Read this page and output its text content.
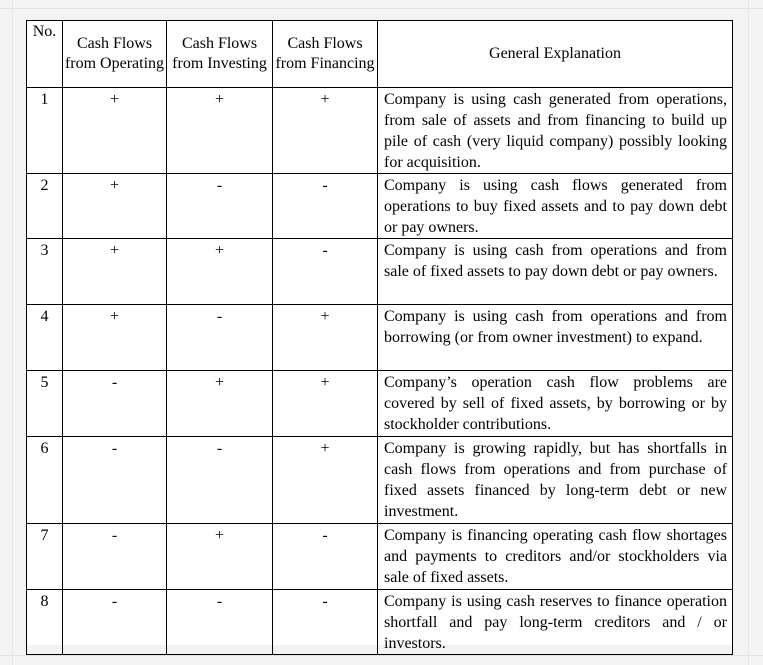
No.	Cash Flows from Operating	Cash Flows from Investing	Cash Flows from Financing	General Explanation
1	+	+	+	Company is using cash generated from operations, from sale of assets and from financing to build up pile of cash (very liquid company) possibly looking for acquisition.
2	+	-	-	Company is using cash flows generated from operations to buy fixed assets and to pay down debt or pay owners.
3	+	+	-	Company is using cash from operations and from sale of fixed assets to pay down debt or pay owners.
4	+	-	+	Company is using cash from operations and from borrowing (or from owner investment) to expand.
5	-	+	+	Company’s operation cash flow problems are covered by sell of fixed assets, by borrowing or by stockholder contributions.
6	-	-	+	Company is growing rapidly, but has shortfalls in cash flows from operations and from purchase of fixed assets financed by long-term debt or new investment.
7	-	+	-	Company is financing operating cash flow shortages and payments to creditors and/or stockholders via sale of fixed assets.
8	-	-	-	Company is using cash reserves to finance operation shortfall and pay long-term creditors and / or investors.
